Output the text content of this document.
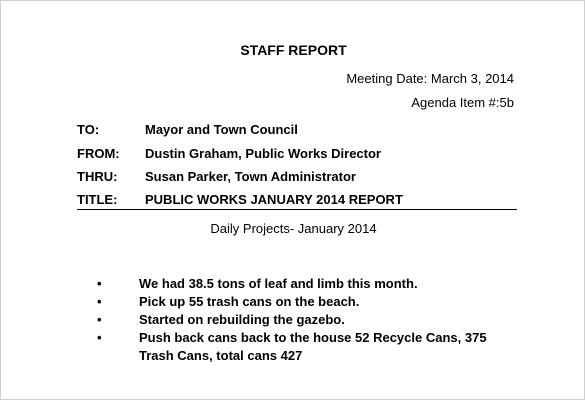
STAFF REPORT
Meeting Date: March 3, 2014
Agenda Item #:5b
TO:	Mayor and Town Council
FROM:	Dustin Graham, Public Works Director
THRU:	Susan Parker, Town Administrator
TITLE:	PUBLIC WORKS JANUARY 2014 REPORT
Daily Projects- January 2014
•	We had 38.5 tons of leaf and limb this month.
•	Pick up 55 trash cans on the beach.
•	Started on rebuilding the gazebo.
•	Push back cans back to the house 52 Recycle Cans, 375 Trash Cans, total cans 427
